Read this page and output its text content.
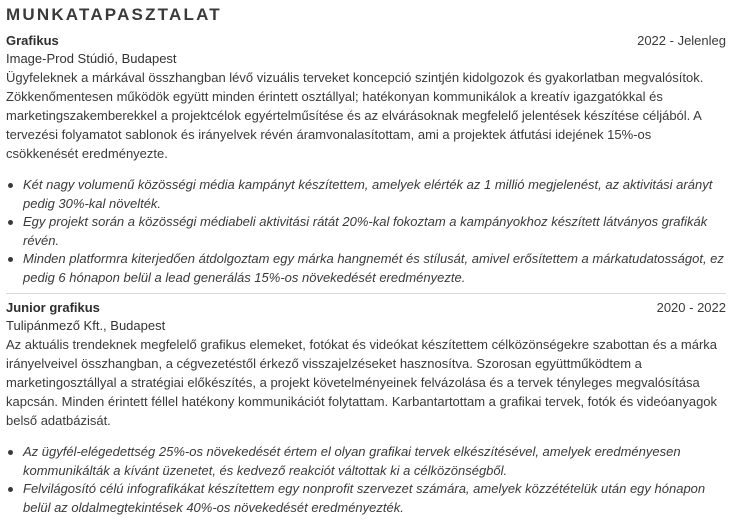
MUNKATAPASZTALAT
Grafikus	2022 - Jelenleg
Image-Prod Stúdió, Budapest

Ügyfeleknek a márkával összhangban lévő vizuális terveket koncepció szintjén kidolgozok és gyakorlatban megvalósítok. Zökkenőmentesen működök együtt minden érintett osztállyal; hatékonyan kommunikálok a kreatív igazgatókkal és marketingszakemberekkel a projektcélok egyértelműsítése és az elvárásoknak megfelelő jelentések készítése céljából. A tervezési folyamatot sablonok és irányelvek révén áramvonalasítottam, ami a projektek átfutási idejének 15%-os csökkenését eredményezte.

Két nagy volumenű közösségi média kampányt készítettem, amelyek elérték az 1 millió megjelenést, az aktivitási arányt pedig 30%-kal növelték.
Egy projekt során a közösségi médiabeli aktivitási rátát 20%-kal fokoztam a kampányokhoz készített látványos grafikák révén.
Minden platformra kiterjedően átdolgoztam egy márka hangnemét és stílusát, amivel erősítettem a márkatudatosságot, ez pedig 6 hónapon belül a lead generálás 15%-os növekedését eredményezte.
Junior grafikus	2020 - 2022
Tulipánmező Kft., Budapest

Az aktuális trendeknek megfelelő grafikus elemeket, fotókat és videókat készítettem célközönségekre szabottan és a márka irányelveivel összhangban, a cégvezetéstől érkező visszajelzéseket hasznosítva. Szorosan együttműködtem a marketingosztállyal a stratégiai előkészítés, a projekt követelményeinek felvázolása és a tervek tényleges megvalósítása kapcsán. Minden érintett féllel hatékony kommunikációt folytattam. Karbantartottam a grafikai tervek, fotók és videóanyagok belső adatbázisát.

Az ügyfél-elégedettség 25%-os növekedését értem el olyan grafikai tervek elkészítésével, amelyek eredményesen kommunikálták a kívánt üzenetet, és kedvező reakciót váltottak ki a célközönségből.
Felvilágosító célú infografikákat készítettem egy nonprofit szervezet számára, amelyek közzétételük után egy hónapon belül az oldalmegtekintések 40%-os növekedését eredményezték.
